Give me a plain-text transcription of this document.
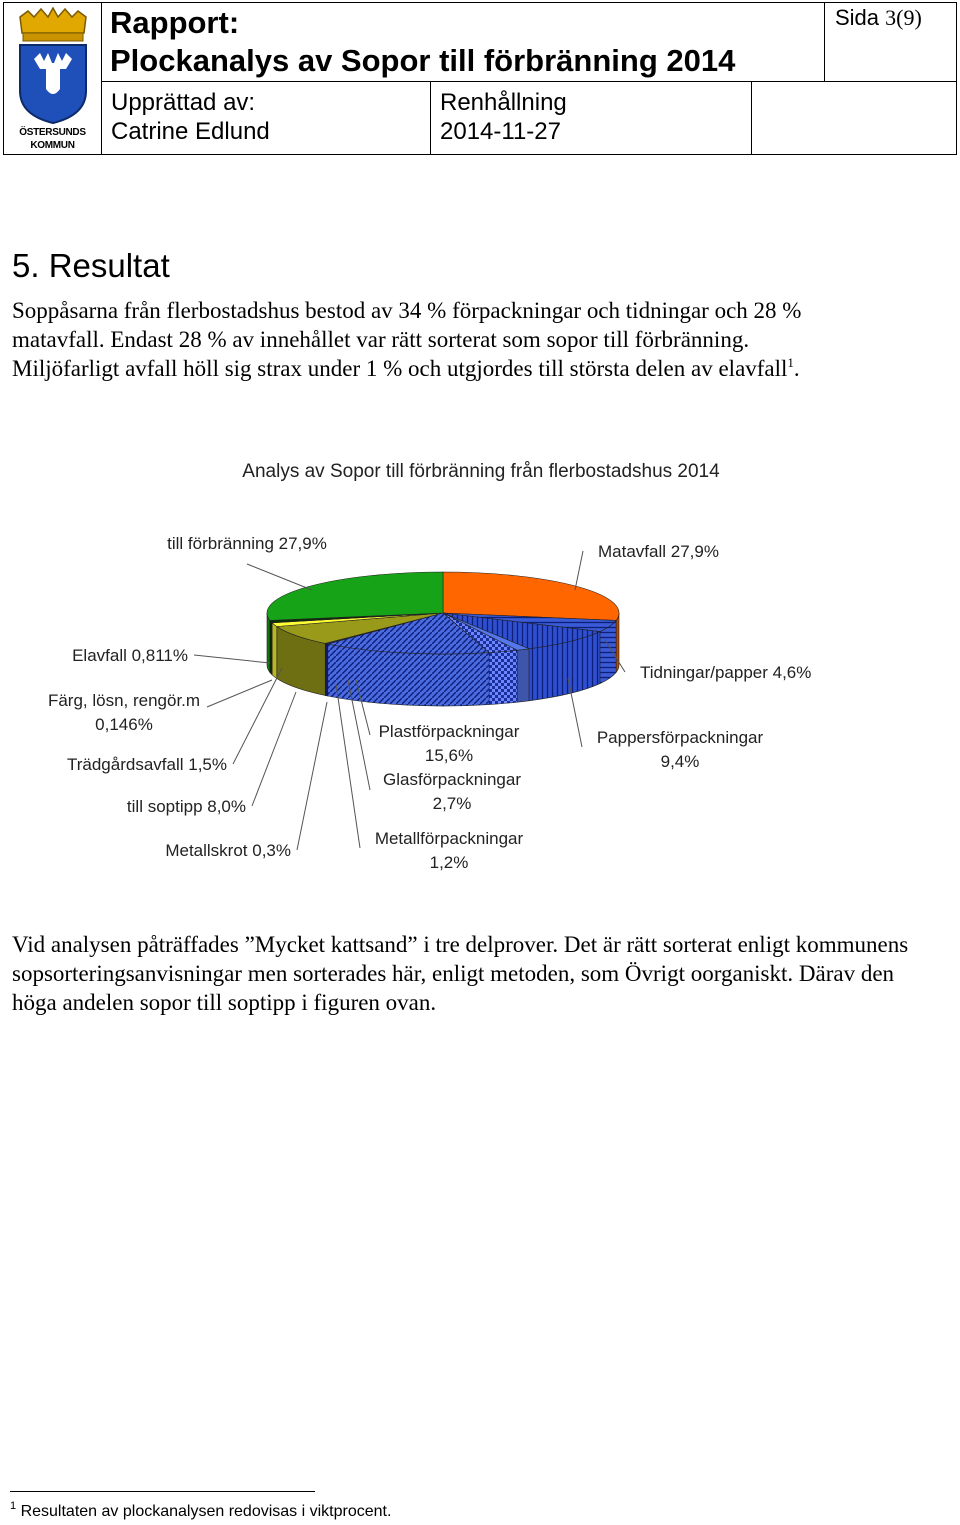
ÖSTERSUNDS
KOMMUN
Rapport:
Plockanalys av Sopor till förbränning 2014
Sida 3(9)
Upprättad av:
Catrine Edlund
Renhållning
2014-11-27
5. Resultat

Soppåsarna från flerbostadshus bestod av 34 % förpackningar och tidningar och 28 % matavfall. Endast 28 % av innehållet var rätt sorterat som sopor till förbränning. Miljöfarligt avfall höll sig strax under 1 % och utgjordes till största delen av elavfall$^1$.

Analys av Sopor till förbränning från flerbostadshus 2014
Matavfall 27,9%
Tidningar/papper 4,6%
Pappersförpackningar
9,4%
Metallförpackningar
1,2%
Glasförpackningar
2,7%
Plastförpackningar
15,6%
Metallskrot 0,3%
till soptipp 8,0%
Trädgårdsavfall 1,5%
Färg, lösn, rengör.m
0,146%
Elavfall 0,811%
till förbränning 27,9%

Vid analysen påträffades ”Mycket kattsand” i tre delprover. Det är rätt sorterat enligt kommunens sopsorteringsanvisningar men sorterades här, enligt metoden, som Övrigt oorganiskt. Därav den höga andelen sopor till soptipp i figuren ovan.

$^1$ Resultaten av plockanalysen redovisas i viktprocent.
